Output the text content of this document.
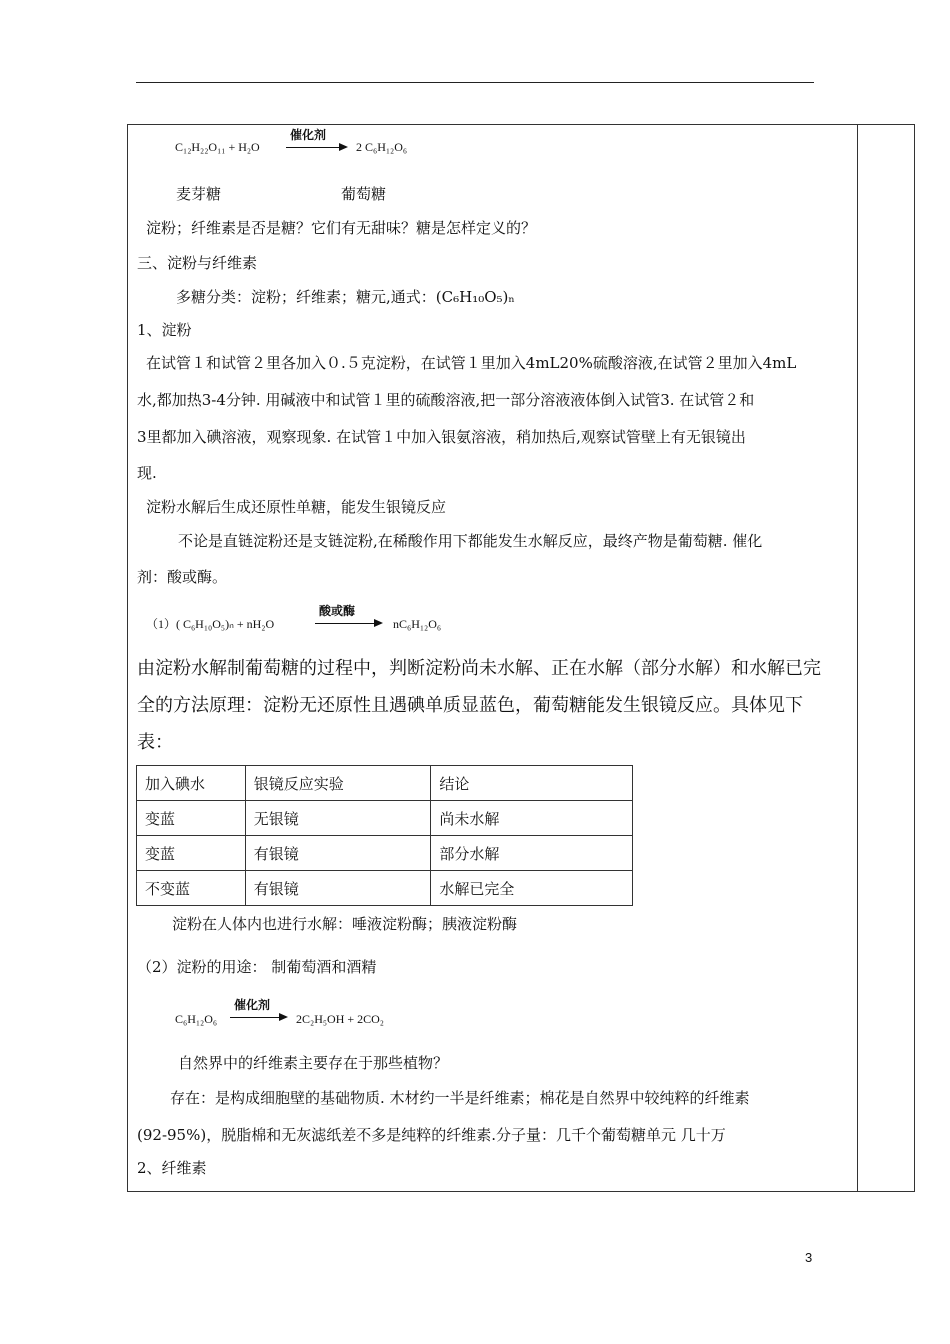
C₁₂H₂₂O₁₁ + H₂O
催化剂
2 C₆H₁₂O₆
麦芽糖	葡萄糖
淀粉；纤维素是否是糖？它们有无甜味？糖是怎样定义的？
三、淀粉与纤维素
多糖分类：淀粉；纤维素；糖元,通式：(C₆H₁₀O₅)ₙ
1、淀粉
在试管１和试管２里各加入０.５克淀粉，在试管１里加入4mL20%硫酸溶液,在试管２里加入4mL
水,都加热3-4分钟. 用碱液中和试管１里的硫酸溶液,把一部分溶液液体倒入试管3. 在试管２和
3里都加入碘溶液，观察现象. 在试管１中加入银氨溶液，稍加热后,观察试管壁上有无银镜出
现.
淀粉水解后生成还原性单糖，能发生银镜反应
不论是直链淀粉还是支链淀粉,在稀酸作用下都能发生水解反应，最终产物是葡萄糖. 催化
剂：酸或酶。
（1）( C₆H₁₀O₅)ₙ + nH₂O
酸或酶
nC₆H₁₂O₆
由淀粉水解制葡萄糖的过程中，判断淀粉尚未水解、正在水解（部分水解）和水解已完
全的方法原理：淀粉无还原性且遇碘单质显蓝色，葡萄糖能发生银镜反应。具体见下
表：
加入碘水	银镜反应实验	结论
变蓝	无银镜	尚未水解
变蓝	有银镜	部分水解
不变蓝	有银镜	水解已完全
淀粉在人体内也进行水解：唾液淀粉酶；胰液淀粉酶
（2）淀粉的用途： 制葡萄酒和酒精
C₆H₁₂O₆
催化剂
2C₂H₅OH + 2CO₂
自然界中的纤维素主要存在于那些植物？
存在：是构成细胞壁的基础物质. 木材约一半是纤维素；棉花是自然界中较纯粹的纤维素
(92-95%)，脱脂棉和无灰滤纸差不多是纯粹的纤维素.分子量：几千个葡萄糖单元 几十万
2、纤维素
3
